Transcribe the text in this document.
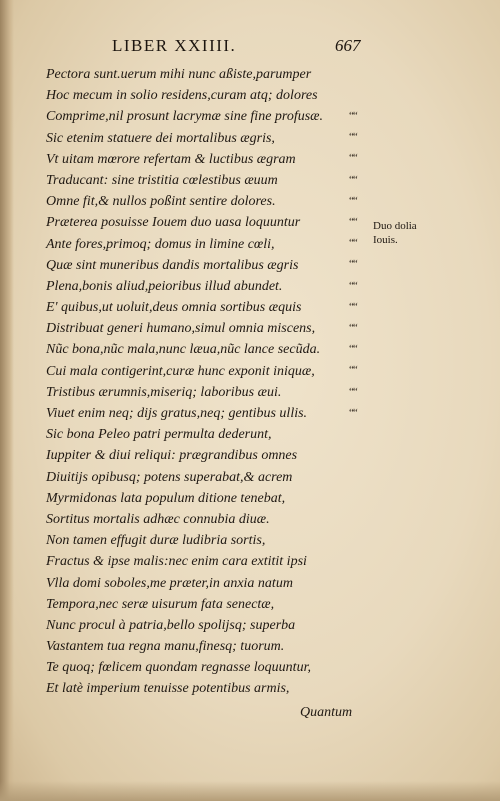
LIBER XXIIII.	667
Pectora sunt.uerum mihi nunc aßiste,parumper
Hoc mecum in solio residens,curam atq; dolores
Comprime,nil prosunt lacrymæ sine fine profusæ.
Sic etenim statuere dei mortalibus ægris,
Vt uitam mœrore refertam & luctibus ægram
Traducant: sine tristitia cœlestibus æuum
Omne fit,& nullos poßint sentire dolores.
Præterea posuisse Iouem duo uasa loquuntur
Ante fores,primoq; domus in limine cœli,
Quæ sint muneribus dandis mortalibus ægris
Plena,bonis aliud,peioribus illud abundet.
E' quibus,ut uoluit,deus omnia sortibus æquis
Distribuat generi humano,simul omnia miscens,
Nũc bona,nũc mala,nunc læua,nũc lance secũda.
Cui mala contigerint,curæ hunc exponit iniquæ,
Tristibus ærumnis,miseriq; laboribus æui.
Viuet enim neq; dijs gratus,neq; gentibus ullis.
Sic bona Peleo patri permulta dederunt,
Iuppiter & diui reliqui: prægrandibus omnes
Diuitijs opibusq; potens superabat,& acrem
Myrmidonas lata populum ditione tenebat,
Sortitus mortalis adhæc connubia diuæ.
Non tamen effugit duræ ludibria sortis,
Fractus & ipse malis:nec enim cara extitit ipsi
Vlla domi soboles,me præter,in anxia natum
Tempora,nec seræ uisurum fata senectæ,
Nunc procul à patria,bello spolijsq; superba
Vastantem tua regna manu,finesq; tuorum.
Te quoq; fœlicem quondam regnasse loquuntur,
Et latè imperium tenuisse potentibus armis,
““
““
““
““
““
““
““
““
““
““
““
““
““
““
““
Duo dolia
Iouis.
Quantum
